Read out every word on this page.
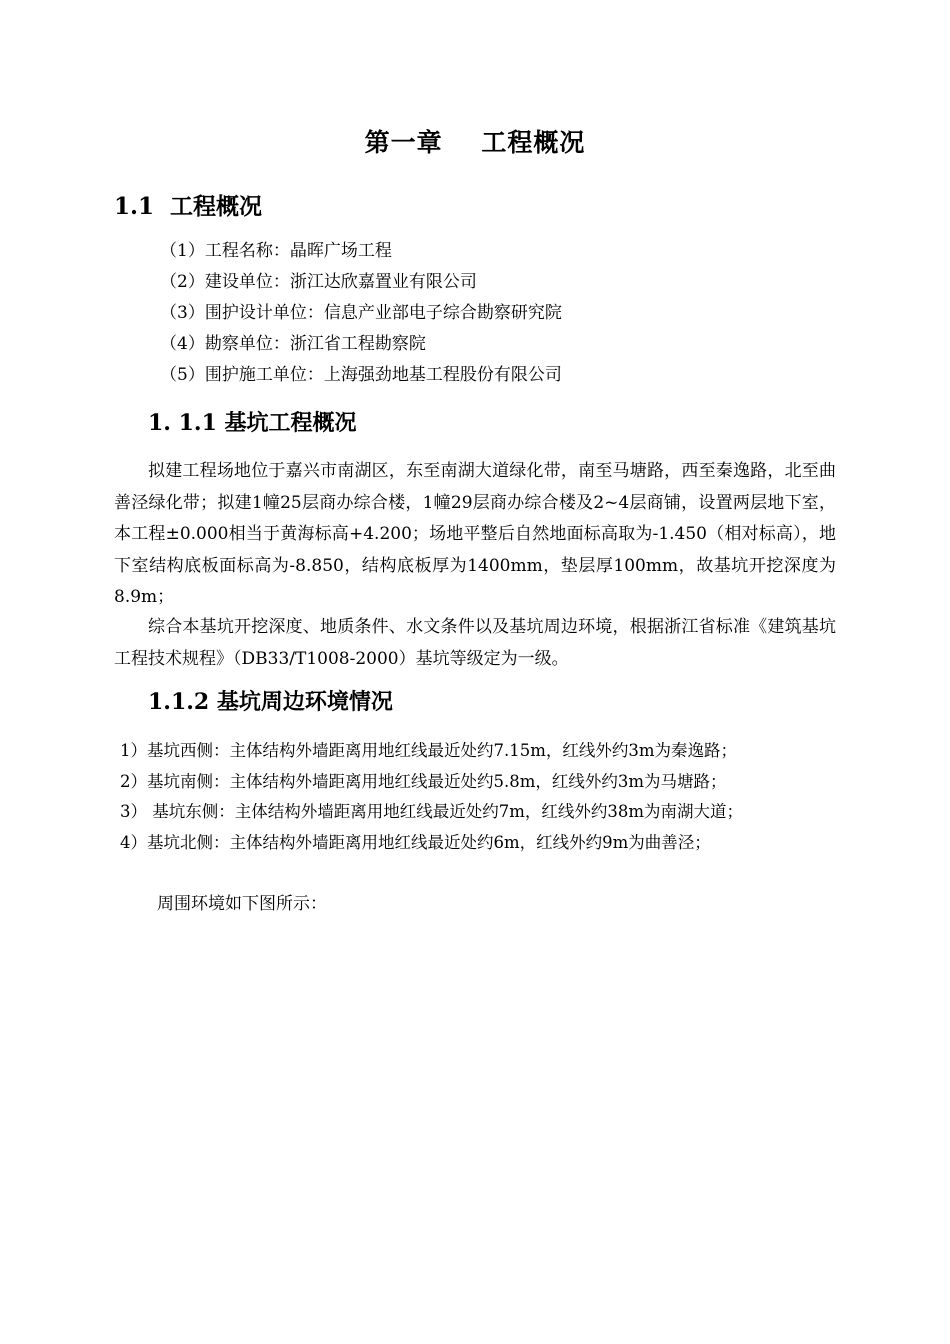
第一章    工程概况
1.1  工程概况
（1）工程名称：晶晖广场工程
（2）建设单位：浙江达欣嘉置业有限公司
（3）围护设计单位：信息产业部电子综合勘察研究院
（4）勘察单位：浙江省工程勘察院
（5）围护施工单位：上海强劲地基工程股份有限公司
1. 1.1 基坑工程概况

拟建工程场地位于嘉兴市南湖区，东至南湖大道绿化带，南至马塘路，西至秦逸路，北至曲善泾绿化带；拟建1幢25层商办综合楼，1幢29层商办综合楼及2~4层商铺，设置两层地下室，本工程±0.000相当于黄海标高+4.200；场地平整后自然地面标高取为-1.450（相对标高），地下室结构底板面标高为-8.850，结构底板厚为1400mm，垫层厚100mm，故基坑开挖深度为8.9m；

综合本基坑开挖深度、地质条件、水文条件以及基坑周边环境，根据浙江省标准《建筑基坑工程技术规程》（DB33/T1008-2000）基坑等级定为一级。

1.1.2 基坑周边环境情况
1）基坑西侧：主体结构外墙距离用地红线最近处约7.15m，红线外约3m为秦逸路；
2）基坑南侧：主体结构外墙距离用地红线最近处约5.8m，红线外约3m为马塘路；
3） 基坑东侧：主体结构外墙距离用地红线最近处约7m，红线外约38m为南湖大道；
4）基坑北侧：主体结构外墙距离用地红线最近处约6m，红线外约9m为曲善泾；
周围环境如下图所示：
